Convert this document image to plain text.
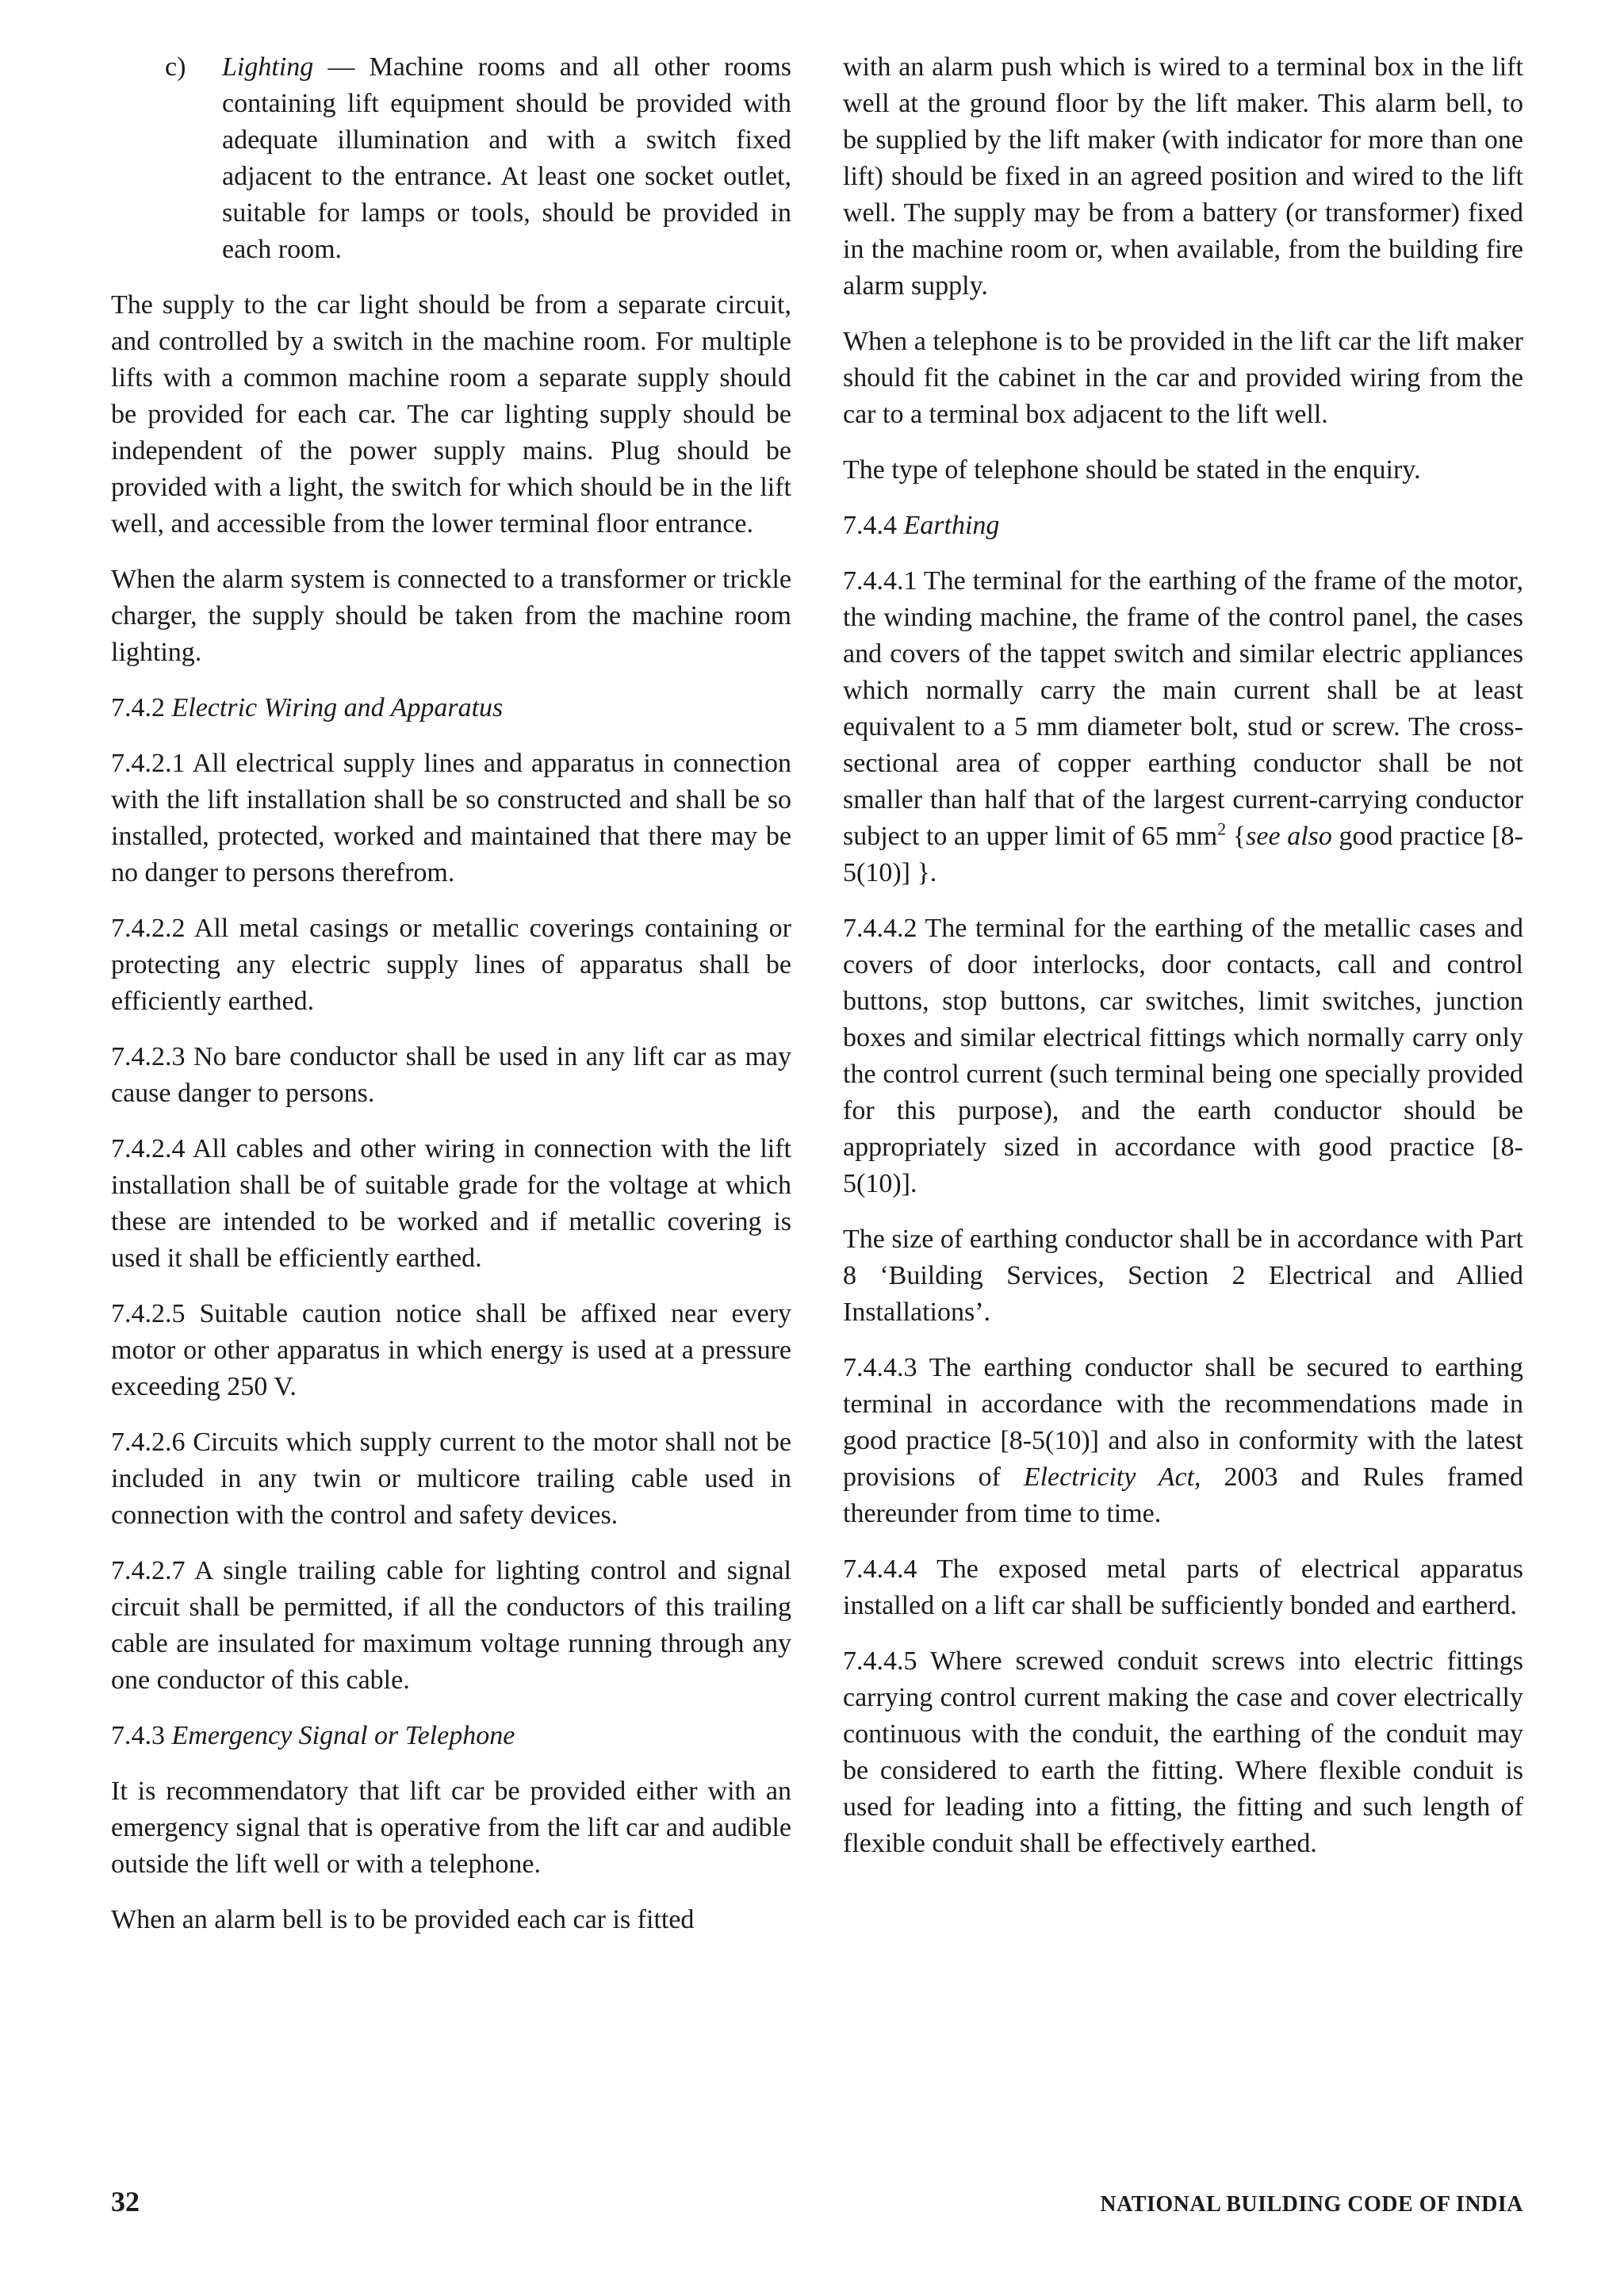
c) Lighting — Machine rooms and all other rooms containing lift equipment should be provided with adequate illumination and with a switch fixed adjacent to the entrance. At least one socket outlet, suitable for lamps or tools, should be provided in each room.

The supply to the car light should be from a separate circuit, and controlled by a switch in the machine room. For multiple lifts with a common machine room a separate supply should be provided for each car. The car lighting supply should be independent of the power supply mains. Plug should be provided with a light, the switch for which should be in the lift well, and accessible from the lower terminal floor entrance.

When the alarm system is connected to a transformer or trickle charger, the supply should be taken from the machine room lighting.

7.4.2 Electric Wiring and Apparatus

7.4.2.1 All electrical supply lines and apparatus in connection with the lift installation shall be so constructed and shall be so installed, protected, worked and maintained that there may be no danger to persons therefrom.

7.4.2.2 All metal casings or metallic coverings containing or protecting any electric supply lines of apparatus shall be efficiently earthed.

7.4.2.3 No bare conductor shall be used in any lift car as may cause danger to persons.

7.4.2.4 All cables and other wiring in connection with the lift installation shall be of suitable grade for the voltage at which these are intended to be worked and if metallic covering is used it shall be efficiently earthed.

7.4.2.5 Suitable caution notice shall be affixed near every motor or other apparatus in which energy is used at a pressure exceeding 250 V.

7.4.2.6 Circuits which supply current to the motor shall not be included in any twin or multicore trailing cable used in connection with the control and safety devices.

7.4.2.7 A single trailing cable for lighting control and signal circuit shall be permitted, if all the conductors of this trailing cable are insulated for maximum voltage running through any one conductor of this cable.

7.4.3 Emergency Signal or Telephone

It is recommendatory that lift car be provided either with an emergency signal that is operative from the lift car and audible outside the lift well or with a telephone.

When an alarm bell is to be provided each car is fitted

with an alarm push which is wired to a terminal box in the lift well at the ground floor by the lift maker. This alarm bell, to be supplied by the lift maker (with indicator for more than one lift) should be fixed in an agreed position and wired to the lift well. The supply may be from a battery (or transformer) fixed in the machine room or, when available, from the building fire alarm supply.

When a telephone is to be provided in the lift car the lift maker should fit the cabinet in the car and provided wiring from the car to a terminal box adjacent to the lift well.

The type of telephone should be stated in the enquiry.

7.4.4 Earthing

7.4.4.1 The terminal for the earthing of the frame of the motor, the winding machine, the frame of the control panel, the cases and covers of the tappet switch and similar electric appliances which normally carry the main current shall be at least equivalent to a 5 mm diameter bolt, stud or screw. The cross-sectional area of copper earthing conductor shall be not smaller than half that of the largest current-carrying conductor subject to an upper limit of 65 $mm^2$ {see also good practice [8-5(10)] }.

7.4.4.2 The terminal for the earthing of the metallic cases and covers of door interlocks, door contacts, call and control buttons, stop buttons, car switches, limit switches, junction boxes and similar electrical fittings which normally carry only the control current (such terminal being one specially provided for this purpose), and the earth conductor should be appropriately sized in accordance with good practice [8-5(10)].

The size of earthing conductor shall be in accordance with Part 8 ‘Building Services, Section 2 Electrical and Allied Installations’.

7.4.4.3 The earthing conductor shall be secured to earthing terminal in accordance with the recommendations made in good practice [8-5(10)] and also in conformity with the latest provisions of Electricity Act, 2003 and Rules framed thereunder from time to time.

7.4.4.4 The exposed metal parts of electrical apparatus installed on a lift car shall be sufficiently bonded and eartherd.

7.4.4.5 Where screwed conduit screws into electric fittings carrying control current making the case and cover electrically continuous with the conduit, the earthing of the conduit may be considered to earth the fitting. Where flexible conduit is used for leading into a fitting, the fitting and such length of flexible conduit shall be effectively earthed.

32	NATIONAL BUILDING CODE OF INDIA
